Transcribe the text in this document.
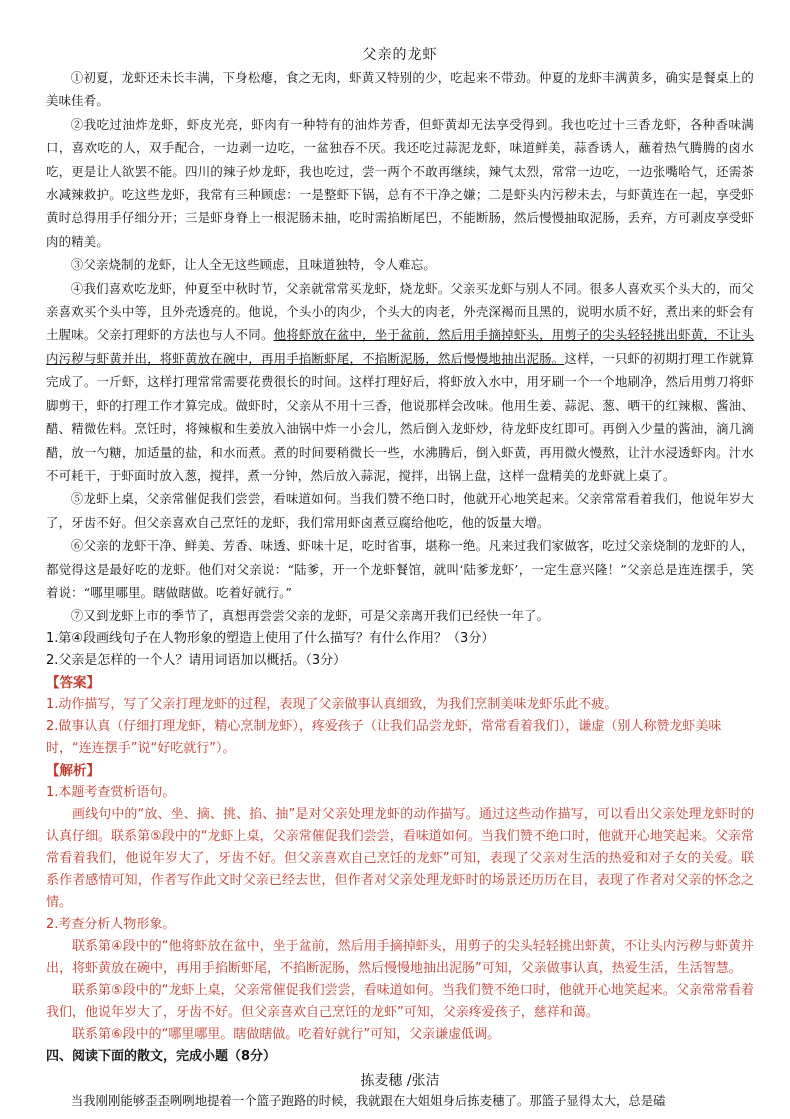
父亲的龙虾

①初夏，龙虾还未长丰满，下身松瘪，食之无肉，虾黄又特别的少，吃起来不带劲。仲夏的龙虾丰满黄多，确实是餐桌上的美味佳肴。

②我吃过油炸龙虾，虾皮光亮，虾肉有一种特有的油炸芳香，但虾黄却无法享受得到。我也吃过十三香龙虾，各种香味满口，喜欢吃的人，双手配合，一边剥一边吃，一盆独吞不厌。我还吃过蒜泥龙虾，味道鲜美，蒜香诱人，蘸着热气腾腾的卤水吃，更是让人欲罢不能。四川的辣子炒龙虾，我也吃过，尝一两个不敢再继续，辣气太烈，常常一边吃，一边张嘴哈气，还需茶水减辣救护。吃这些龙虾，我常有三种顾虑：一是整虾下锅，总有不干净之嫌；二是虾头内污秽未去，与虾黄连在一起，享受虾黄时总得用手仔细分开；三是虾身脊上一根泥肠未抽，吃时需掐断尾巴，不能断肠，然后慢慢抽取泥肠，丢弃，方可剥皮享受虾肉的精美。

③父亲烧制的龙虾，让人全无这些顾虑，且味道独特，令人难忘。

④我们喜欢吃龙虾，仲夏至中秋时节，父亲就常常买龙虾，烧龙虾。父亲买龙虾与别人不同。很多人喜欢买个头大的，而父亲喜欢买个头中等，且外壳透亮的。他说，个头小的肉少，个头大的肉老，外壳深褐而且黑的，说明水质不好，煮出来的虾会有土腥味。父亲打理虾的方法也与人不同。他将虾放在盆中，坐于盆前，然后用手摘掉虾头，用剪子的尖头轻轻挑出虾黄，不让头内污秽与虾黄并出，将虾黄放在碗中，再用手掐断虾尾，不掐断泥肠，然后慢慢地抽出泥肠。这样，一只虾的初期打理工作就算完成了。一斤虾，这样打理常常需要花费很长的时间。这样打理好后，将虾放入水中，用牙刷一个一个地刷净，然后用剪刀将虾脚剪干，虾的打理工作才算完成。做虾时，父亲从不用十三香，他说那样会改味。他用生姜、蒜泥、葱、晒干的红辣椒、酱油、醋、精微佐料。烹饪时，将辣椒和生姜放入油锅中炸一小会儿，然后倒入龙虾炒，待龙虾皮红即可。再倒入少量的酱油，滴几滴醋，放一勺糖，加适量的盐，和水而煮。煮的时间要稍微长一些，水沸腾后，倒入虾黄，再用微火慢熬，让汁水浸透虾肉。汁水不可耗干，于虾面时放入葱，搅拌，煮一分钟，然后放入蒜泥，搅拌，出锅上盘，这样一盘精美的龙虾就上桌了。

⑤龙虾上桌，父亲常催促我们尝尝，看味道如何。当我们赞不绝口时，他就开心地笑起来。父亲常常看着我们，他说年岁大了，牙齿不好。但父亲喜欢自己烹饪的龙虾，我们常用虾卤煮豆腐给他吃，他的饭量大增。

⑥父亲的龙虾干净、鲜美、芳香、味透、虾味十足，吃时省事，堪称一绝。凡来过我们家做客，吃过父亲烧制的龙虾的人，都觉得这是最好吃的龙虾。他们对父亲说：“陆爹，开一个龙虾餐馆，就叫‘陆爹龙虾’，一定生意兴隆！”父亲总是连连摆手，笑着说：“哪里哪里。瞎做瞎做。吃着好就行。”

⑦又到龙虾上市的季节了，真想再尝尝父亲的龙虾，可是父亲离开我们已经快一年了。

1.第④段画线句子在人物形象的塑造上使用了什么描写？有什么作用？（3分）

2.父亲是怎样的一个人？请用词语加以概括。（3分）

【答案】

1.动作描写，写了父亲打理龙虾的过程，表现了父亲做事认真细致，为我们烹制美味龙虾乐此不疲。

2.做事认真（仔细打理龙虾，精心烹制龙虾），疼爱孩子（让我们品尝龙虾，常常看着我们），谦虚（别人称赞龙虾美味时，“连连摆手”说“好吃就行”）。

【解析】

1.本题考查赏析语句。

画线句中的“放、坐、摘、挑、掐、抽”是对父亲处理龙虾的动作描写。通过这些动作描写，可以看出父亲处理龙虾时的认真仔细。联系第⑤段中的“龙虾上桌，父亲常催促我们尝尝，看味道如何。当我们赞不绝口时，他就开心地笑起来。父亲常常看着我们，他说年岁大了，牙齿不好。但父亲喜欢自己烹饪的龙虾”可知，表现了父亲对生活的热爱和对子女的关爱。联系作者感情可知，作者写作此文时父亲已经去世，但作者对父亲处理龙虾时的场景还历历在目，表现了作者对父亲的怀念之情。

2.考查分析人物形象。

联系第④段中的“他将虾放在盆中，坐于盆前，然后用手摘掉虾头，用剪子的尖头轻轻挑出虾黄，不让头内污秽与虾黄并出，将虾黄放在碗中，再用手掐断虾尾，不掐断泥肠，然后慢慢地抽出泥肠”可知，父亲做事认真，热爱生活，生活智慧。

联系第⑤段中的“龙虾上桌，父亲常催促我们尝尝，看味道如何。当我们赞不绝口时，他就开心地笑起来。父亲常常看着我们，他说年岁大了，牙齿不好。但父亲喜欢自己烹饪的龙虾”可知，父亲疼爱孩子，慈祥和蔼。

联系第⑥段中的“哪里哪里。瞎做瞎做。吃着好就行”可知，父亲谦虚低调。

四、阅读下面的散文，完成小题（8分）

拣麦穗 /张洁

当我刚刚能够歪歪咧咧地提着一个篮子跑路的时候，我就跟在大姐姐身后拣麦穗了。那篮子显得太大，总是磕
